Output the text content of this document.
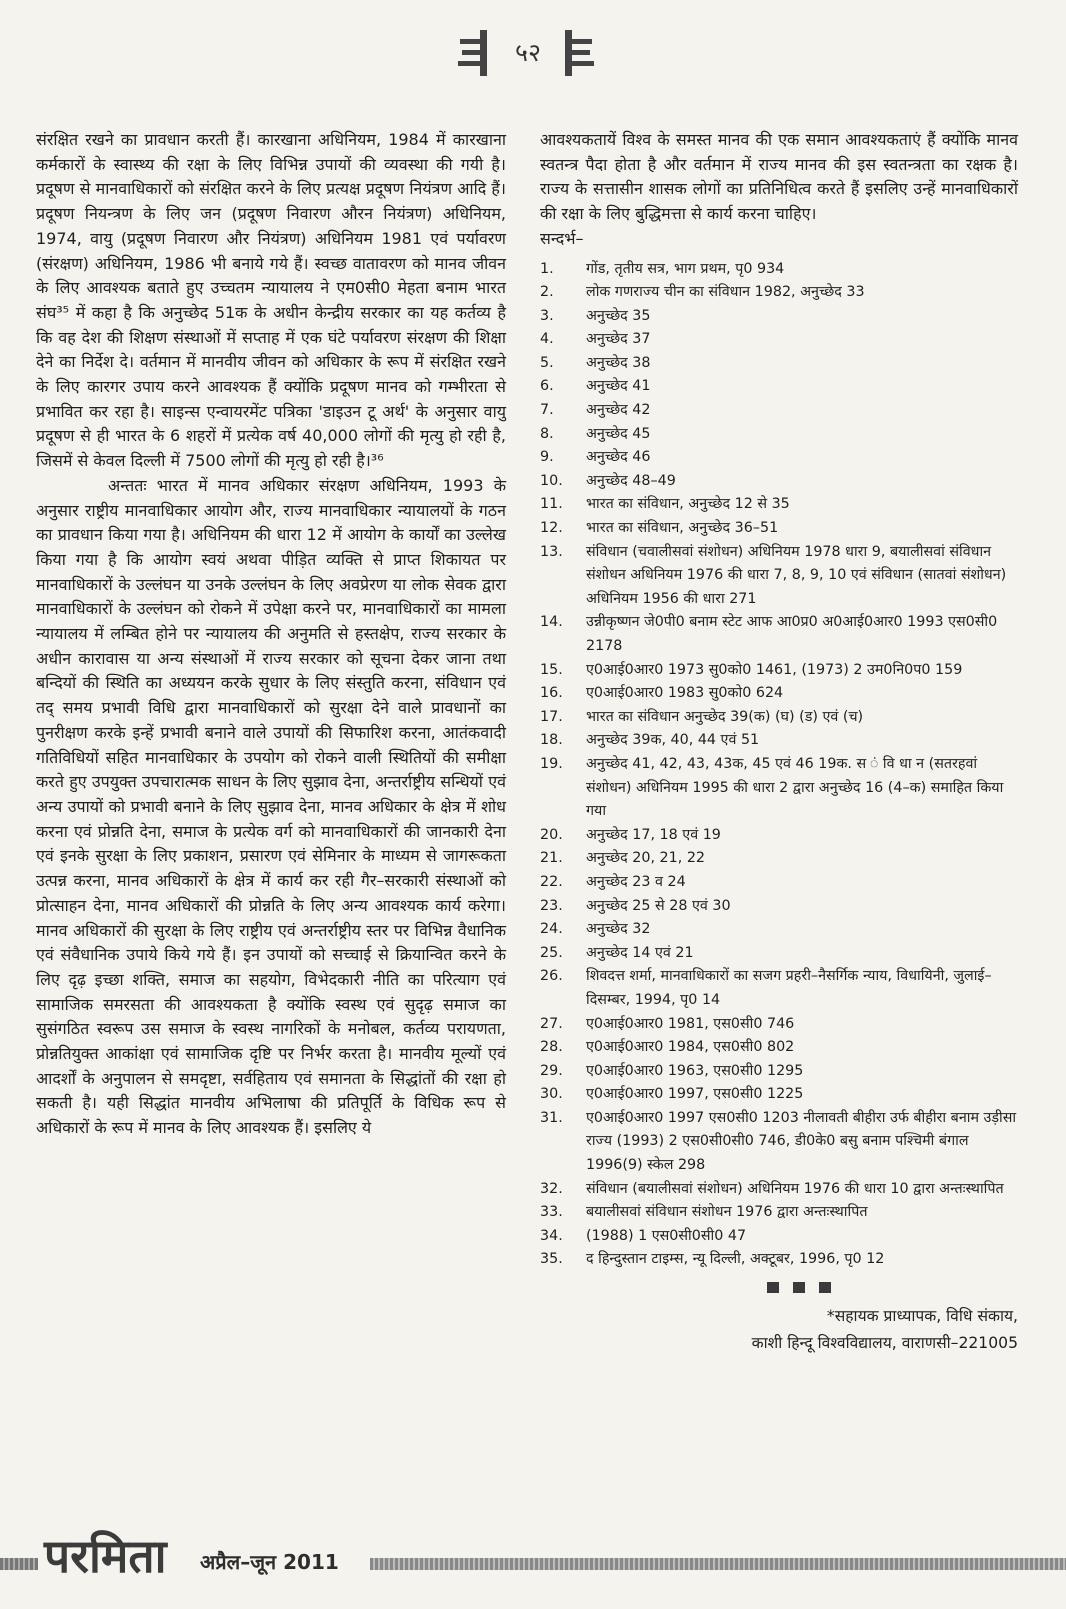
५२

संरक्षित रखने का प्रावधान करती हैं। कारखाना अधिनियम, 1984 में कारखाना कर्मकारों के स्वास्थ्य की रक्षा के लिए विभिन्न उपायों की व्यवस्था की गयी है। प्रदूषण से मानवाधिकारों को संरक्षित करने के लिए प्रत्यक्ष प्रदूषण नियंत्रण आदि हैं। प्रदूषण नियन्त्रण के लिए जन (प्रदूषण निवारण औरन नियंत्रण) अधिनियम, 1974, वायु (प्रदूषण निवारण और नियंत्रण) अधिनियम 1981 एवं पर्यावरण (संरक्षण) अधिनियम, 1986 भी बनाये गये हैं। स्वच्छ वातावरण को मानव जीवन के लिए आवश्यक बताते हुए उच्चतम न्यायालय ने एम0सी0 मेहता बनाम भारत संघ³⁵ में कहा है कि अनुच्छेद 51क के अधीन केन्द्रीय सरकार का यह कर्तव्य है कि वह देश की शिक्षण संस्थाओं में सप्ताह में एक घंटे पर्यावरण संरक्षण की शिक्षा देने का निर्देश दे। वर्तमान में मानवीय जीवन को अधिकार के रूप में संरक्षित रखने के लिए कारगर उपाय करने आवश्यक हैं क्योंकि प्रदूषण मानव को गम्भीरता से प्रभावित कर रहा है। साइन्स एन्वायरमेंट पत्रिका 'डाइउन टू अर्थ' के अनुसार वायु प्रदूषण से ही भारत के 6 शहरों में प्रत्येक वर्ष 40,000 लोगों की मृत्यु हो रही है, जिसमें से केवल दिल्ली में 7500 लोगों की मृत्यु हो रही है।³⁶

अन्ततः भारत में मानव अधिकार संरक्षण अधिनियम, 1993 के अनुसार राष्ट्रीय मानवाधिकार आयोग और, राज्य मानवाधिकार न्यायालयों के गठन का प्रावधान किया गया है। अधिनियम की धारा 12 में आयोग के कार्यों का उल्लेख किया गया है कि आयोग स्वयं अथवा पीड़ित व्यक्ति से प्राप्त शिकायत पर मानवाधिकारों के उल्लंघन या उनके उल्लंघन के लिए अवप्रेरण या लोक सेवक द्वारा मानवाधिकारों के उल्लंघन को रोकने में उपेक्षा करने पर, मानवाधिकारों का मामला न्यायालय में लम्बित होने पर न्यायालय की अनुमति से हस्तक्षेप, राज्य सरकार के अधीन कारावास या अन्य संस्थाओं में राज्य सरकार को सूचना देकर जाना तथा बन्दियों की स्थिति का अध्ययन करके सुधार के लिए संस्तुति करना, संविधान एवं तद् समय प्रभावी विधि द्वारा मानवाधिकारों को सुरक्षा देने वाले प्रावधानों का पुनरीक्षण करके इन्हें प्रभावी बनाने वाले उपायों की सिफारिश करना, आतंकवादी गतिविधियों सहित मानवाधिकार के उपयोग को रोकने वाली स्थितियों की समीक्षा करते हुए उपयुक्त उपचारात्मक साधन के लिए सुझाव देना, अन्तर्राष्ट्रीय सन्धियों एवं अन्य उपायों को प्रभावी बनाने के लिए सुझाव देना, मानव अधिकार के क्षेत्र में शोध करना एवं प्रोन्नति देना, समाज के प्रत्येक वर्ग को मानवाधिकारों की जानकारी देना एवं इनके सुरक्षा के लिए प्रकाशन, प्रसारण एवं सेमिनार के माध्यम से जागरूकता उत्पन्न करना, मानव अधिकारों के क्षेत्र में कार्य कर रही गैर–सरकारी संस्थाओं को प्रोत्साहन देना, मानव अधिकारों की प्रोन्नति के लिए अन्य आवश्यक कार्य करेगा। मानव अधिकारों की सुरक्षा के लिए राष्ट्रीय एवं अन्तर्राष्ट्रीय स्तर पर विभिन्न वैधानिक एवं संवैधानिक उपाये किये गये हैं। इन उपायों को सच्चाई से क्रियान्वित करने के लिए दृढ़ इच्छा शक्ति, समाज का सहयोग, विभेदकारी नीति का परित्याग एवं सामाजिक समरसता की आवश्यकता है क्योंकि स्वस्थ एवं सुदृढ़ समाज का सुसंगठित स्वरूप उस समाज के स्वस्थ नागरिकों के मनोबल, कर्तव्य परायणता, प्रोन्नतियुक्त आकांक्षा एवं सामाजिक दृष्टि पर निर्भर करता है। मानवीय मूल्यों एवं आदर्शों के अनुपालन से समदृष्टा, सर्वहिताय एवं समानता के सिद्धांतों की रक्षा हो सकती है। यही सिद्धांत मानवीय अभिलाषा की प्रतिपूर्ति के विधिक रूप से अधिकारों के रूप में मानव के लिए आवश्यक हैं। इसलिए ये

आवश्यकतायें विश्व के समस्त मानव की एक समान आवश्यकताएं हैं क्योंकि मानव स्वतन्त्र पैदा होता है और वर्तमान में राज्य मानव की इस स्वतन्त्रता का रक्षक है। राज्य के सत्तासीन शासक लोगों का प्रतिनिधित्व करते हैं इसलिए उन्हें मानवाधिकारों की रक्षा के लिए बुद्धिमत्ता से कार्य करना चाहिए।

सन्दर्भ–

1.	गोंड, तृतीय सत्र, भाग प्रथम, पृ0 934
2.	लोक गणराज्य चीन का संविधान 1982, अनुच्छेद 33
3.	अनुच्छेद 35
4.	अनुच्छेद 37
5.	अनुच्छेद 38
6.	अनुच्छेद 41
7.	अनुच्छेद 42
8.	अनुच्छेद 45
9.	अनुच्छेद 46
10.	अनुच्छेद 48–49
11.	भारत का संविधान, अनुच्छेद 12 से 35
12.	भारत का संविधान, अनुच्छेद 36–51
13.	संविधान (चवालीसवां संशोधन) अधिनियम 1978 धारा 9, बयालीसवां संविधान संशोधन अधिनियम 1976 की धारा 7, 8, 9, 10 एवं संविधान (सातवां संशोधन) अधिनियम 1956 की धारा 271
14.	उन्नीकृष्णन जे0पी0 बनाम स्टेट आफ आ0प्र0 अ0आई0आर0 1993 एस0सी0 2178
15.	ए0आई0आर0 1973 सु0को0 1461, (1973) 2 उम0नि0प0 159
16.	ए0आई0आर0 1983 सु0को0 624
17.	भारत का संविधान अनुच्छेद 39(क) (घ) (ड) एवं (च)
18.	अनुच्छेद 39क, 40, 44 एवं 51
19.	अनुच्छेद 41, 42, 43, 43क, 45 एवं 46 19क. स ं वि धा न (सतरहवां संशोधन) अधिनियम 1995 की धारा 2 द्वारा अनुच्छेद 16 (4–क) समाहित किया गया
20.	अनुच्छेद 17, 18 एवं 19
21.	अनुच्छेद 20, 21, 22
22.	अनुच्छेद 23 व 24
23.	अनुच्छेद 25 से 28 एवं 30
24.	अनुच्छेद 32
25.	अनुच्छेद 14 एवं 21
26.	शिवदत्त शर्मा, मानवाधिकारों का सजग प्रहरी–नैसर्गिक न्याय, विधायिनी, जुलाई–दिसम्बर, 1994, पृ0 14
27.	ए0आई0आर0 1981, एस0सी0 746
28.	ए0आई0आर0 1984, एस0सी0 802
29.	ए0आई0आर0 1963, एस0सी0 1295
30.	ए0आई0आर0 1997, एस0सी0 1225
31.	ए0आई0आर0 1997 एस0सी0 1203 नीलावती बीहीरा उर्फ बीहीरा बनाम उड़ीसा राज्य (1993) 2 एस0सी0सी0 746, डी0के0 बसु बनाम पश्चिमी बंगाल 1996(9) स्केल 298
32.	संविधान (बयालीसवां संशोधन) अधिनियम 1976 की धारा 10 द्वारा अन्तःस्थापित
33.	बयालीसवां संविधान संशोधन 1976 द्वारा अन्तःस्थापित
34.	(1988) 1 एस0सी0सी0 47
35.	द हिन्दुस्तान टाइम्स, न्यू दिल्ली, अक्टूबर, 1996, पृ0 12
*सहायक प्राध्यापक, विधि संकाय,
काशी हिन्दू विश्वविद्यालय, वाराणसी–221005
परमिता अप्रैल–जून 2011
